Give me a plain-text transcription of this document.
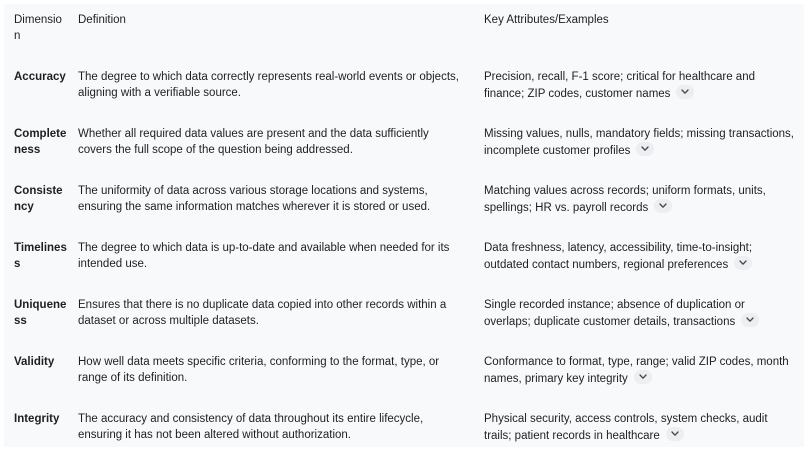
Dimension	Definition	Key Attributes/Examples
Accuracy	The degree to which data correctly represents real-world events or objects, aligning with a verifiable source.	Precision, recall, F-1 score; critical for healthcare and finance; ZIP codes, customer names

Completeness	Whether all required data values are present and the data sufficiently covers the full scope of the question being addressed.	Missing values, nulls, mandatory fields; missing transactions, incomplete customer profiles

Consistency	The uniformity of data across various storage locations and systems, ensuring the same information matches wherever it is stored or used.	Matching values across records; uniform formats, units, spellings; HR vs. payroll records

Timeliness	The degree to which data is up-to-date and available when needed for its intended use.	Data freshness, latency, accessibility, time-to-insight; outdated contact numbers, regional preferences

Uniqueness	Ensures that there is no duplicate data copied into other records within a dataset or across multiple datasets.	Single recorded instance; absence of duplication or overlaps; duplicate customer details, transactions

Validity	How well data meets specific criteria, conforming to the format, type, or range of its definition.	Conformance to format, type, range; valid ZIP codes, month names, primary key integrity

Integrity	The accuracy and consistency of data throughout its entire lifecycle, ensuring it has not been altered without authorization.	Physical security, access controls, system checks, audit trails; patient records in healthcare
